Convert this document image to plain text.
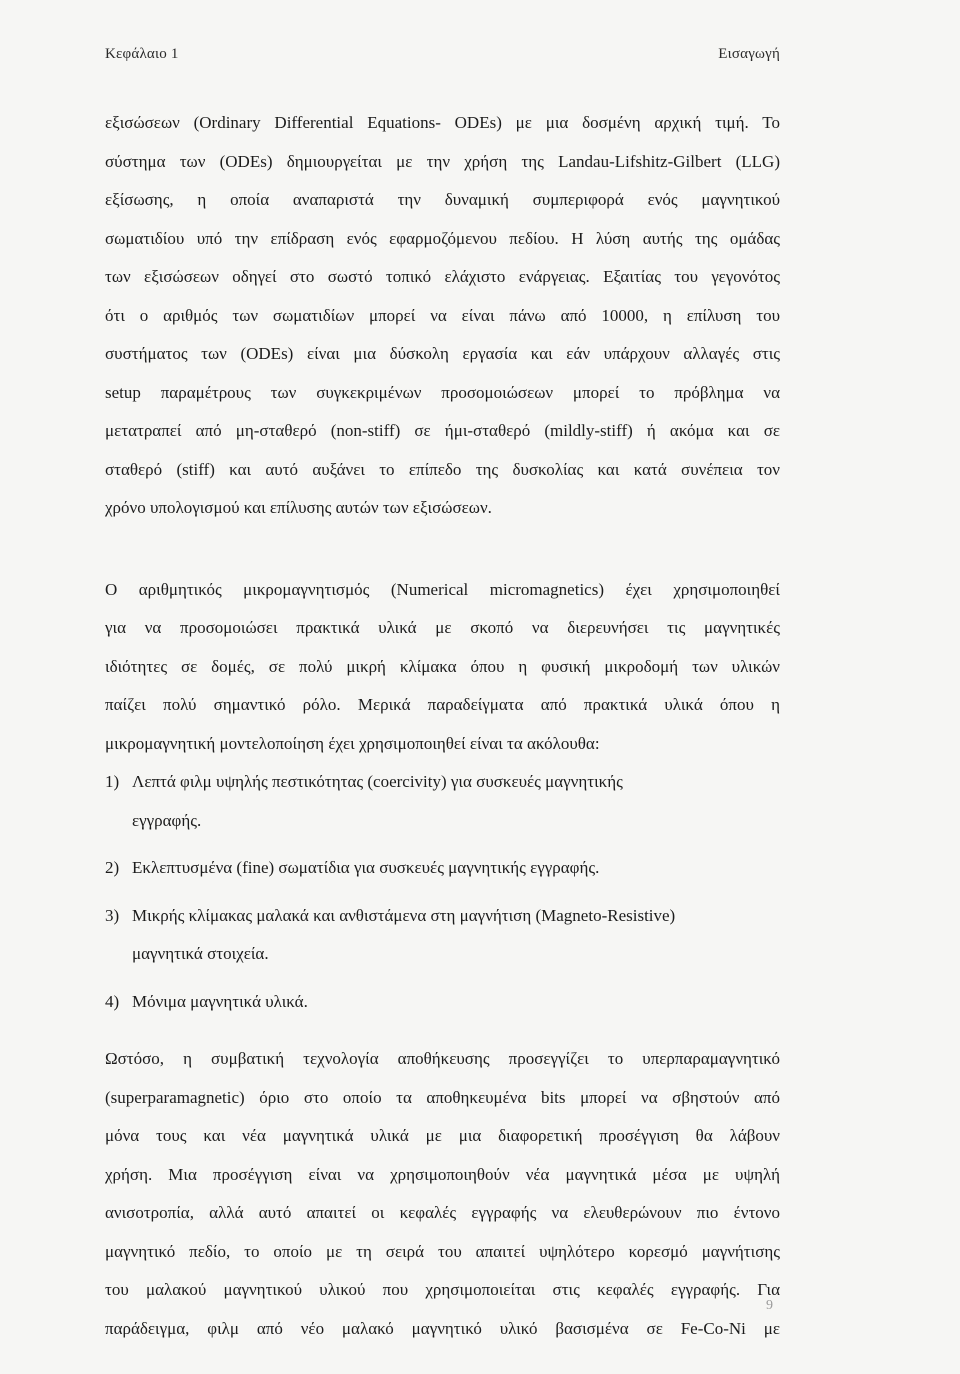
Κεφάλαιο 1	Εισαγωγή

εξισώσεων (Ordinary Differential Equations- ODEs) με μια δοσμένη αρχική τιμή. Το

σύστημα των (ODEs) δημιουργείται με την χρήση της Landau-Lifshitz-Gilbert (LLG)

εξίσωσης, η οποία αναπαριστά την δυναμική συμπεριφορά ενός μαγνητικού

σωματιδίου υπό την επίδραση ενός εφαρμοζόμενου πεδίου. Η λύση αυτής της ομάδας

των εξισώσεων οδηγεί στο σωστό τοπικό ελάχιστο ενάργειας. Εξαιτίας του γεγονότος

ότι ο αριθμός των σωματιδίων μπορεί να είναι πάνω από 10000, η επίλυση του

συστήματος των (ODEs) είναι μια δύσκολη εργασία και εάν υπάρχουν αλλαγές στις

setup παραμέτρους των συγκεκριμένων προσομοιώσεων μπορεί το πρόβλημα να

μετατραπεί από μη-σταθερό (non-stiff) σε ήμι-σταθερό (mildly-stiff) ή ακόμα και σε

σταθερό (stiff) και αυτό αυξάνει το επίπεδο της δυσκολίας και κατά συνέπεια τον

χρόνο υπολογισμού και επίλυσης αυτών των εξισώσεων.

Ο αριθμητικός μικρομαγνητισμός (Numerical micromagnetics) έχει χρησιμοποιηθεί

για να προσομοιώσει πρακτικά υλικά με σκοπό να διερευνήσει τις μαγνητικές

ιδιότητες σε δομές, σε πολύ μικρή κλίμακα όπου η φυσική μικροδομή των υλικών

παίζει πολύ σημαντικό ρόλο. Μερικά παραδείγματα από πρακτικά υλικά όπου η

μικρομαγνητική μοντελοποίηση έχει χρησιμοποιηθεί είναι τα ακόλουθα:

1) Λεπτά φιλμ υψηλής πεστικότητας (coercivity) για συσκευές μαγνητικής
εγγραφής.
2) Εκλεπτυσμένα (fine) σωματίδια για συσκευές μαγνητικής εγγραφής.
3) Μικρής κλίμακας μαλακά και ανθιστάμενα στη μαγνήτιση (Magneto-Resistive)
μαγνητικά στοιχεία.
4) Μόνιμα μαγνητικά υλικά.

Ωστόσο, η συμβατική τεχνολογία αποθήκευσης προσεγγίζει το υπερπαραμαγνητικό

(superparamagnetic) όριο στο οποίο τα αποθηκευμένα bits μπορεί να σβηστούν από

μόνα τους και νέα μαγνητικά υλικά με μια διαφορετική προσέγγιση θα λάβουν

χρήση. Μια προσέγγιση είναι να χρησιμοποιηθούν νέα μαγνητικά μέσα με υψηλή

ανισοτροπία, αλλά αυτό απαιτεί οι κεφαλές εγγραφής να ελευθερώνουν πιο έντονο

μαγνητικό πεδίο, το οποίο με τη σειρά του απαιτεί υψηλότερο κορεσμό μαγνήτισης

του μαλακού μαγνητικού υλικού που χρησιμοποιείται στις κεφαλές εγγραφής. Για

παράδειγμα, φιλμ από νέο μαλακό μαγνητικό υλικό βασισμένα σε Fe-Co-Ni με

9
